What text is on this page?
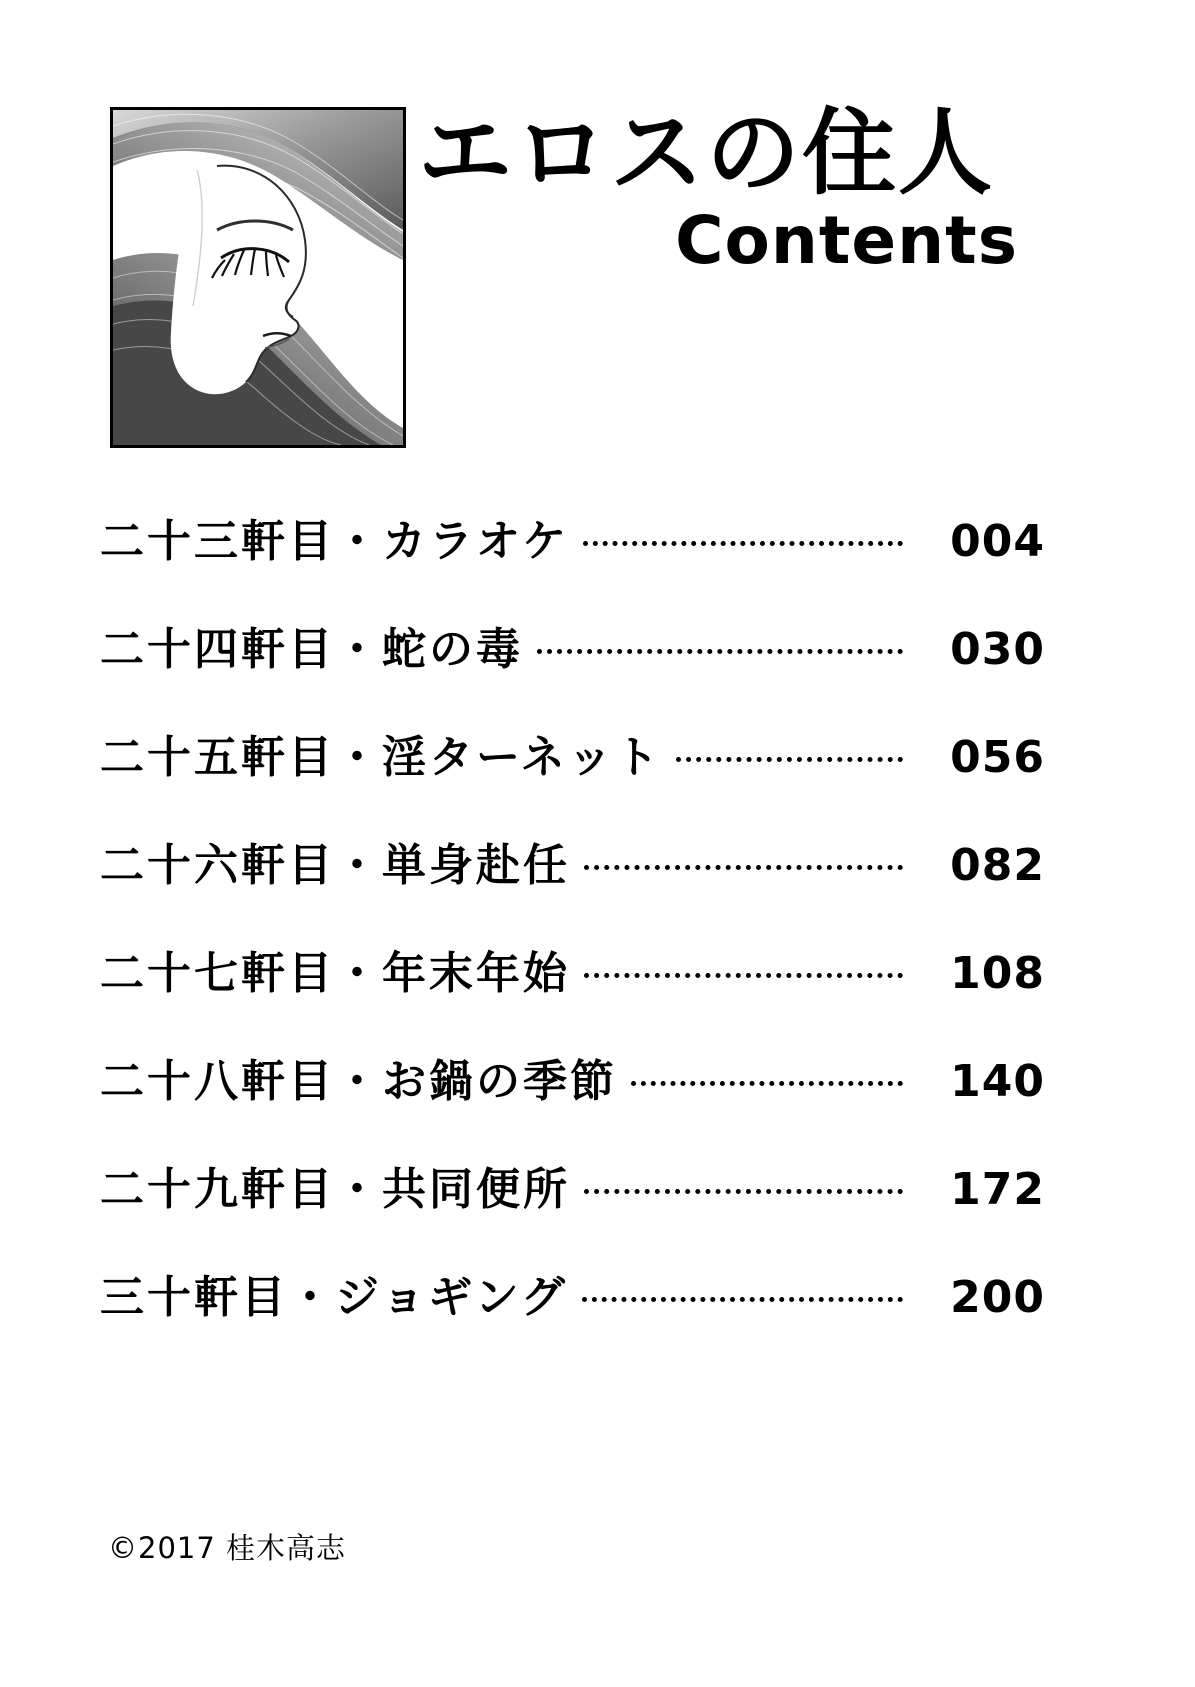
エロスの住人
Contents
二十三軒目・カラオケ	004
二十四軒目・蛇の毒	030
二十五軒目・淫ターネット	056
二十六軒目・単身赴任	082
二十七軒目・年末年始	108
二十八軒目・お鍋の季節	140
二十九軒目・共同便所	172
三十軒目・ジョギング	200
©2017 桂木高志
